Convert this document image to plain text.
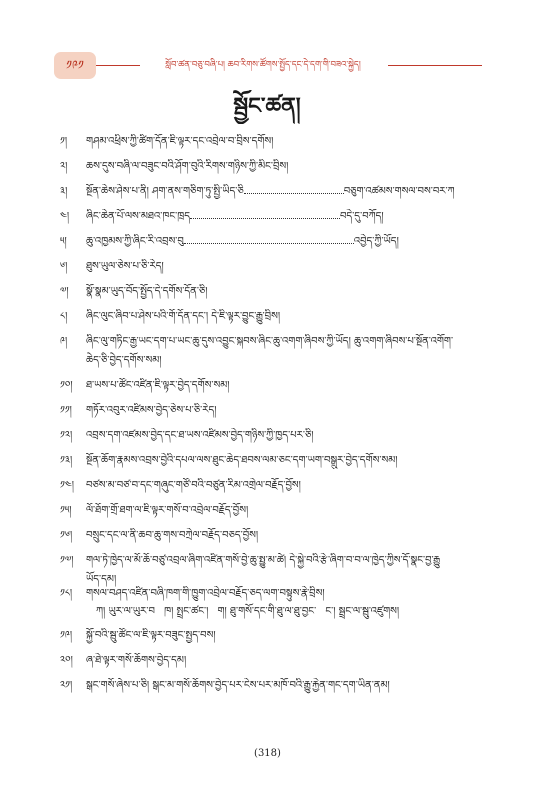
༡༩༡	སློབ་ཚན་བཅུ་བཞི་པ། ཆབ་རིགས་ཚོགས་སྤྱོད་དང་དེ་དག་གི་བཟའ་སྐྱེད།
སྦྱོང་ཚན།
༡། གཤམ་འཕྲིས་ཀྱི་ཚིག་དོན་ཇི་ལྟར་དང་འབྲེལ་བ་བྲིས་དགོས།
༢། ཆས་དུས་བཞི་ལ་བཟུང་བའི་ཤོག་བུའི་རིགས་གཉིས་ཀྱི་མིང་བྲིས།
༣། སྔོན་ཆེས་ཤེས་པ་ནི། ཤག་ནས་གཅིག་ཏུ་སྤྱི་ཡིད་ཅི	བཅུག་འཚམས་གསལ་བས་བར་ཀ
༤། ཞིང་ཆེན་པོ་ལས་མཐའ་ཁང་ཁྲད	བདེ་དུ་བཀོད།
༥། ཆུ་འཁྱམས་ཀྱི་ཞིང་རི་འབྲས་བུ	འབྱེད་ཀྱི་ཡོད།
༦། ཐུས་ཡུལ་ཅེས་པ་ཅི་རེད།
༧། སྣོ་སྣམ་ཡུད་བོད་སྤྱོད་དེ་དགོས་དོན་ཅི།
༨། ཞིང་ལུང་ཞིབ་པ་ཤེས་པའི་གོ་དོན་དང་། དེ་ཇི་ལྟར་བྱུང་རྒྱུ་བྲིས།
༩། ཞིང་ལུ་གཏིང་རྒྱ་ཡང་དག་པ་ཡང་ཆུ་དུས་འབྱུང་སྐབས་ཞིང་ཆུ་འགག་ཞིབས་ཀྱི་ཡོད། ཆུ་འགག་ཞིབས་པ་སྔོན་འགོག་
ཆེད་ཅི་བྱེད་དགོས་སམ།
༡༠། ཐ་ཡས་པ་ཚོང་འཛིན་ཇི་ལྟར་བྱེད་དགོས་སམ།
༡༡། གཏོར་འབུར་འཛིམས་བྱེད་ཅེས་པ་ཅི་རེད།
༡༢། འབྲས་དག་འཛམས་བྱེད་དང་ཐ་ཡས་འཛིམས་བྱེད་གཉིས་ཀྱི་ཁྱད་པར་ཅི།
༡༣། སྔོན་ཆོག་རྣམས་འབྲས་བྱེའི་དཔལ་ལས་ཐུང་ཆེད་ཐབས་ལམ་ཅང་དག་ཡག་བསྒྲུར་བྱེད་དགོས་སམ།
༡༤། བཙས་མ་བཙ་བ་དང་གཞུང་གཙོ་བའི་བཙུན་རིམ་འགྲེལ་བརྗོད་བྱོས།
༡༥། ལོ་ཐོག་གྲོ་ཐག་ལ་ཇི་ལྟར་གསོ་བ་འབྲེལ་བརྗོད་བྱོས།
༡༦། བསྲུང་དང་ལ་ནི་ཆབ་ཆུ་གས་བཀྲེལ་བརྗོད་བཅད་བྱོས།
༡༧། གལ་ཏེ་ཁྱེད་ལ་མོ་ཆོ་བཙུ་འབྲལ་ཞིག་འཛིན་གསོ་བྱེ་ཆུ་སྤྱུ་མ་ཚེ། དེ་སྐྱེ་བའི་རྩེ་ཞིག་བ་བ་ལ་ཁྱེད་ཀྱིས་དོ་སྣང་བྱ་རྒྱུ
ཡོད་དམ།
༡༨། གསལ་བཤད་འཛིན་བཞི་ཁག་གི་ཁྱུག་འབྲེལ་བརྗོད་ཅད་ལག་བསྟུས་རྣེ་བྲིས།
ཀ། ཡུར་ལ་ཡུར་བ ཁ། སྤྲང་ཚང་། ག། ཐུ་གསོ་དང་གི་ཐུ་ལ་ཐུ་བྱང་ ང་། སྦྲང་ལ་སྦུ་འཛུགས།
༡༩། སྐྱོ་བའི་སྦུ་ཚོང་ལ་ཇི་ལྟར་བཟུང་སྤྱད་བས།
༢༠། ཞ་ཐེ་ལྟར་གསོ་ཆོགས་བྱེད་དམ།
༢༡། སྒང་གསོ་ཞེས་པ་ཅི། སྒང་མ་གསོ་ཆོགས་བྱེད་པར་ངེས་པར་མཁོ་བའི་རྒྱུ་རྐྱེན་གང་དག་ཡིན་ནམ།
(318)
